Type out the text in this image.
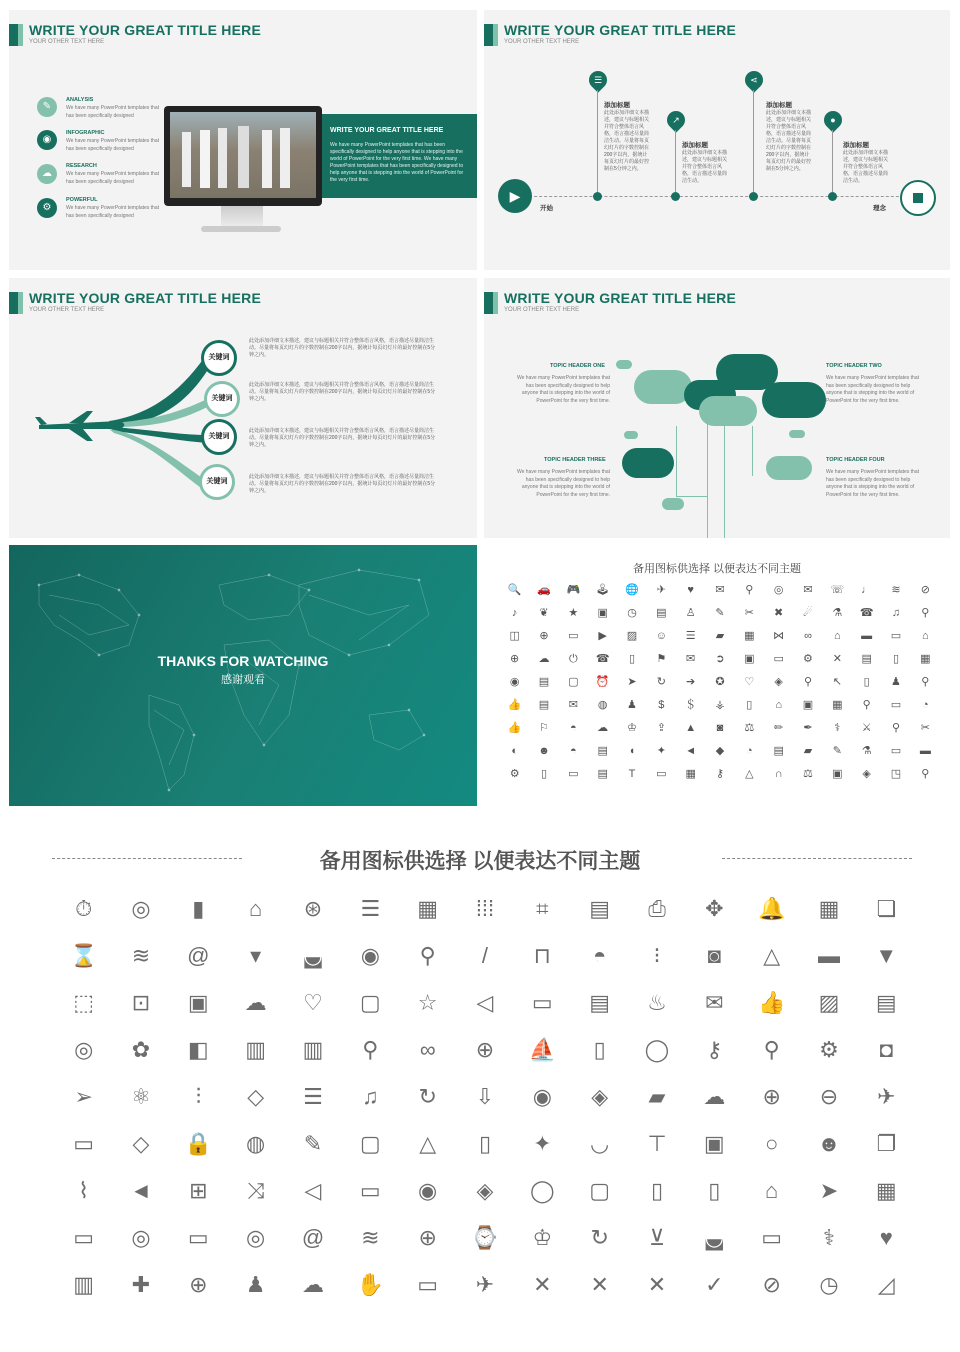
WRITE YOUR GREAT TITLE HERE
YOUR OTHER TEXT HERE
✎
ANALYSIS
We have many PowerPoint templates that has been specifically designed
◉
INFOGRAPHIC
We have many PowerPoint templates that has been specifically designed
☁
RESEARCH
We have many PowerPoint templates that has been specifically designed
⚙
POWERFUL
We have many PowerPoint templates that has been specifically designed
WRITE YOUR GREAT TITLE HERE
We have many PowerPoint templates that has been specifically designed to help anyone that is stepping into the world of PowerPoint for the very first time. We have many PowerPoint templates that has been specifically designed to help anyone that is stepping into the world of PowerPoint for the very first time.
WRITE YOUR GREAT TITLE HERE
YOUR OTHER TEXT HERE
▶
开始	理念
☰
添加标题
此处添加详细文本描述，建议与标题相关并符合整体语言风格，语言描述尽量简洁生动。尽量将每页幻灯片的字数控制在200字以内，据统计每页幻灯片的最好控制在5分钟之内。
↗
添加标题
此处添加详细文本描述，建议与标题相关并符合整体语言风格，语言描述尽量简洁生动。
⋖
添加标题
此处添加详细文本描述，建议与标题相关并符合整体语言风格，语言描述尽量简洁生动。尽量将每页幻灯片的字数控制在200字以内，据统计每页幻灯片的最好控制在5分钟之内。
●
添加标题
此处添加详细文本描述，建议与标题相关并符合整体语言风格，语言描述尽量简洁生动。
WRITE YOUR GREAT TITLE HERE
YOUR OTHER TEXT HERE
关键词
关键词
关键词
关键词
此处添加详细文本描述，建议与标题相关并符合整体语言风格，语言描述尽量简洁生动。尽量将每页幻灯片的字数控制在200字以内，据统计每页幻灯片的最好控制在5分钟之内。
此处添加详细文本描述，建议与标题相关并符合整体语言风格，语言描述尽量简洁生动。尽量将每页幻灯片的字数控制在200字以内，据统计每页幻灯片的最好控制在5分钟之内。
此处添加详细文本描述，建议与标题相关并符合整体语言风格，语言描述尽量简洁生动。尽量将每页幻灯片的字数控制在200字以内，据统计每页幻灯片的最好控制在5分钟之内。
此处添加详细文本描述，建议与标题相关并符合整体语言风格，语言描述尽量简洁生动。尽量将每页幻灯片的字数控制在200字以内，据统计每页幻灯片的最好控制在5分钟之内。
WRITE YOUR GREAT TITLE HERE
YOUR OTHER TEXT HERE
TOPIC HEADER ONE
We have many PowerPoint templates that has been specifically designed to help anyone that is stepping into the world of PowerPoint for the very first time.
TOPIC HEADER TWO
We have many PowerPoint templates that has been specifically designed to help anyone that is stepping into the world of PowerPoint for the very first time.
TOPIC HEADER THREE
We have many PowerPoint templates that has been specifically designed to help anyone that is stepping into the world of PowerPoint for the very first time.
TOPIC HEADER FOUR
We have many PowerPoint templates that has been specifically designed to help anyone that is stepping into the world of PowerPoint for the very first time.
THANKS FOR WATCHING
感谢观看
备用图标供选择 以便表达不同主题
🔍	🚗	🎮	🕹	🌐	✈	♥	✉	⚲	◎	✉	☏	♩	≋	⊘
♪	❦	★	▣	◷	▤	♙	✎	✂	✖	☄	⚗	☎	♫	⚲
◫	⊕	▭	▶	▨	☺	☰	▰	▦	⋈	∞	⌂	▬	▭	⌂
⊕	☁	⏻	☎	▯	⚑	✉	➲	▣	▭	⚙	✕	▤	▯	▦
◉	▤	▢	⏰	➤	↻	➔	✪	♡	◈	⚲	↖	▯	♟	⚲
👍	▤	✉	◍	♟	$	＄	⚶	▯	⌂	▣	▦	⚲	▭	◔
👍	⚐	◓	☁	♔	⇪	▲	◙	⚖	✏	✒	⚕	⚔	⚲	✂
◐	☻	◓	▤	◖	✦	◄	◆	◔	▤	▰	✎	⚗	▭	▬
⚙	▯	▭	▤	T	▭	▦	⚷	△	∩	⚖	▣	◈	◳	⚲
备用图标供选择 以便表达不同主题
⏱	◎	▮	⌂	⊛	☰	▦	⁞⁞⁞	⌗	▤	⎙	✥	🔔	▦	❏
⌛	≋	@	▾	◛	◉	⚲	/	⊓	◓	⁝	◙	△	▬	▼
⬚	⊡	▣	☁	♡	▢	☆	◁	▭	▤	♨	✉	👍	▨	▤
◎	✿	◧	▥	▥	⚲	∞	⊕	⛵	▯	◯	⚷	⚲	⚙	◘
➢	⚛	⫶	◇	☰	♫	↻	⇩	◉	◈	▰	☁	⊕	⊖	✈
▭	◇	🔒	◍	✎	▢	△	▯	✦	◡	⊤	▣	○	☻	❐
⌇	◄	⊞	⤨	◁	▭	◉	◈	◯	▢	▯	▯	⌂	➤	▦
▭	◎	▭	◎	@	≋	⊕	⌚	♔	↻	⊻	◛	▭	⚕	♥
▥	✚	⊕	♟	☁	✋	▭	✈	✕	✕	✕	✓	⊘	◷	◿
